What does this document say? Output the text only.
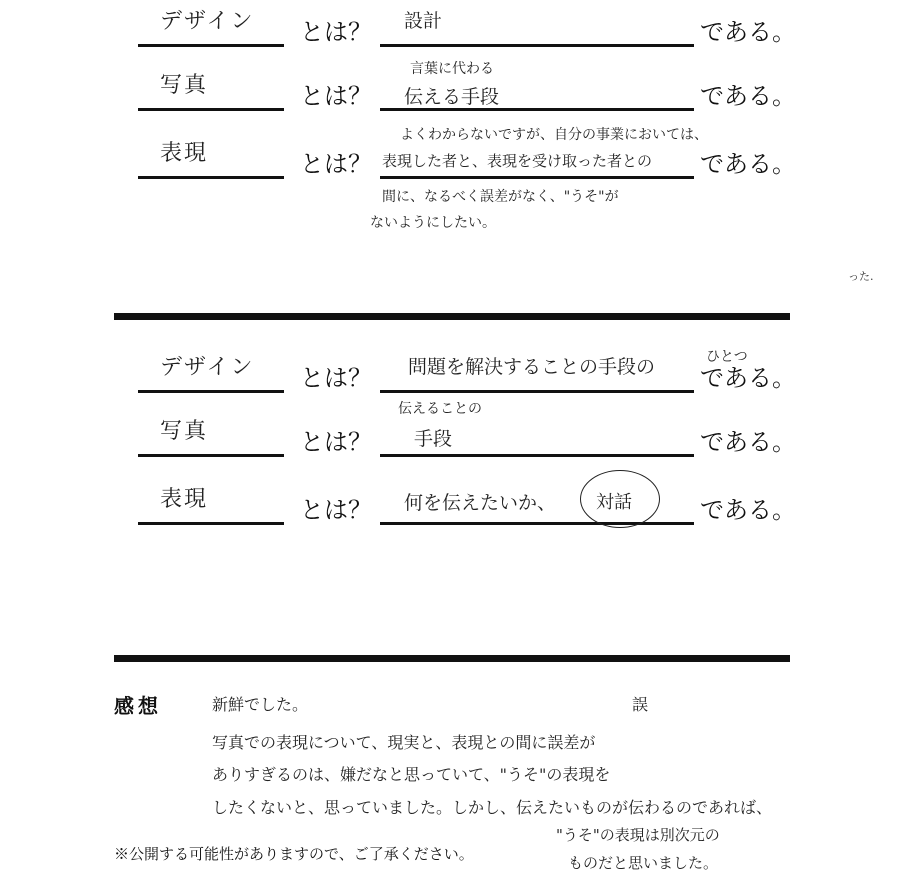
デザイン	とは？ 設計	である。
言葉に代わる
写真	とは？ 伝える手段	である。
よくわからないですが、自分の事業においては、
表現	とは？ 表現した者と、表現を受け取った者との	である。
間に、なるべく誤差がなく、"うそ"が
ないようにしたい。
った.
ひとつ
デザイン	とは？ 問題を解決することの手段の	である。
伝えることの
写真	とは？ 手段	である。
表現	とは？ 何を伝えたいか、	である。
対話
感想	誤
新鮮でした。
写真での表現について、現実と、表現との間に誤差が
ありすぎるのは、嫌だなと思っていて、"うそ"の表現を
したくないと、思っていました。しかし、伝えたいものが伝わるのであれば、
"うそ"の表現は別次元の
ものだと思いました。
※公開する可能性がありますので、ご了承ください。
